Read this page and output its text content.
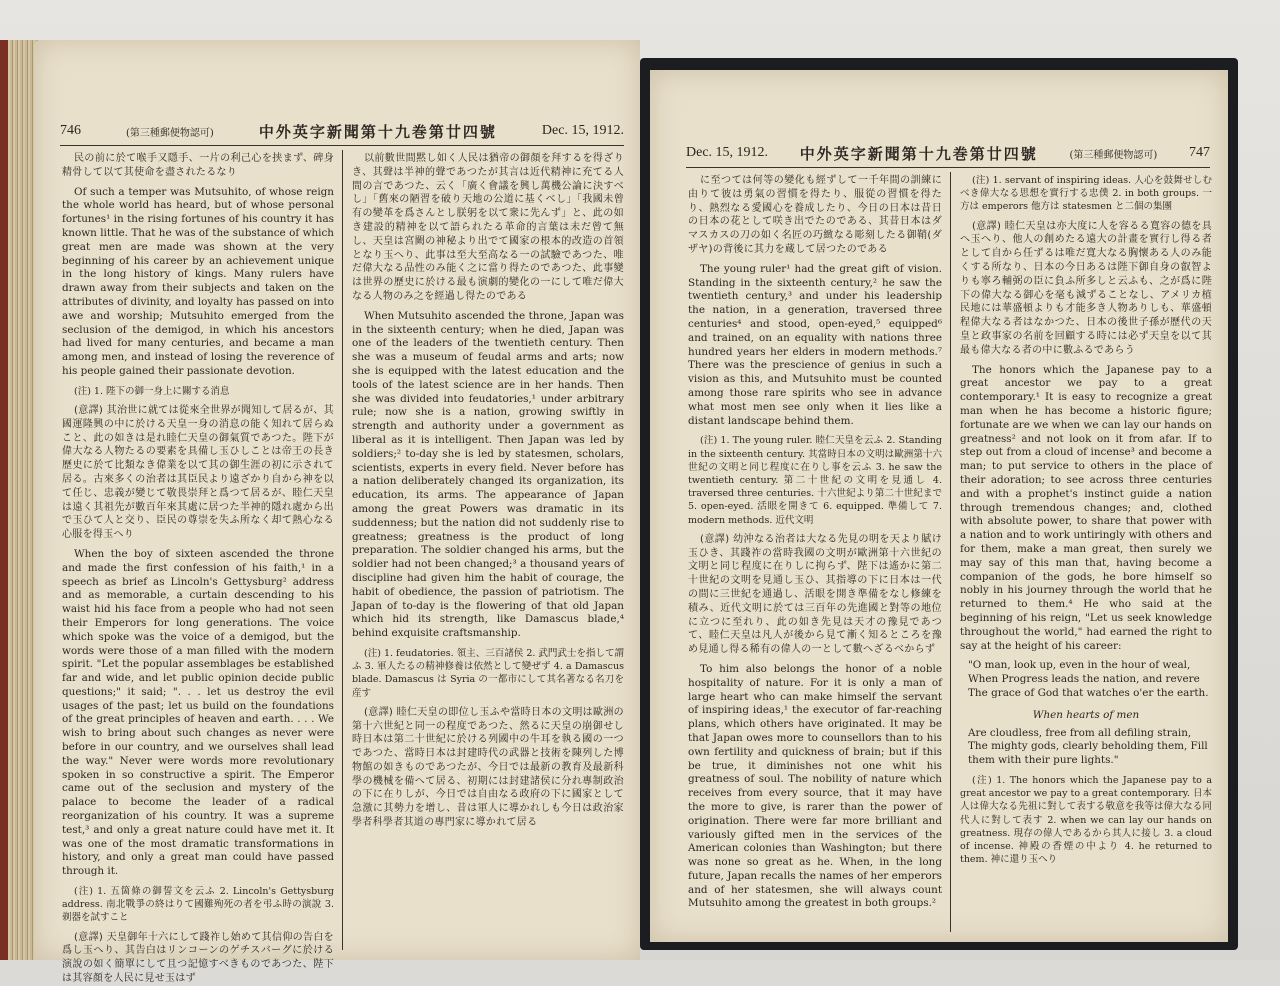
746	(第三種郵便物認可)	中外英字新聞第十九巻第廿四號	Dec. 15, 1912.

民の前に於て喉手又隱手、一片の利己心を挟まず、碑身精骨して以て其使命を盡されたるなり

Of such a temper was Mutsuhito, of whose reign the whole world has heard, but of whose personal fortunes¹ in the rising fortunes of his country it has known little. That he was of the substance of which great men are made was shown at the very beginning of his career by an achievement unique in the long history of kings. Many rulers have drawn away from their subjects and taken on the attributes of divinity, and loyalty has passed on into awe and worship; Mutsuhito emerged from the seclusion of the demigod, in which his ancestors had lived for many centuries, and became a man among men, and instead of losing the reverence of his people gained their passionate devotion.

(注) 1. 陛下の御一身上に關する消息

(意譯) 其治世に就ては從來全世界が聞知して居るが、其國運隆興の中に於ける天皇一身の消息の能く知れて居らぬこと、此の如きは是れ睦仁天皇の御氣質であつた。陛下が偉大なる人物たるの要素を具備し玉ひしことは帝王の長き歷史に於て比類なき偉業を以て其の御生涯の初に示されて居る。古來多くの治者は其臣民より遠ざかり自から神を以て任じ、忠義が變じて敬畏崇拜と爲つて居るが、睦仁天皇は遠く其祖先が數百年來其處に居つた半神的隱れ處から出で玉ひて人と交り、臣民の尊崇を失ふ所なく却て熱心なる心服を得玉へり

When the boy of sixteen ascended the throne and made the first confession of his faith,¹ in a speech as brief as Lincoln's Gettysburg² address and as memorable, a curtain descending to his waist hid his face from a people who had not seen their Emperors for long generations. The voice which spoke was the voice of a demigod, but the words were those of a man filled with the modern spirit. "Let the popular assemblages be established far and wide, and let public opinion decide public questions;" it said; ". . . let us destroy the evil usages of the past; let us build on the foundations of the great principles of heaven and earth. . . . We wish to bring about such changes as never were before in our country, and we ourselves shall lead the way." Never were words more revolutionary spoken in so constructive a spirit. The Emperor came out of the seclusion and mystery of the palace to become the leader of a radical reorganization of his country. It was a supreme test,³ and only a great nature could have met it. It was one of the most dramatic transformations in history, and only a great man could have passed through it.

(注) 1. 五箇條の御誓文を云ふ 2. Lincoln's Gettysburg address. 南北戰爭の終はりて國難殉死の者を弔ふ時の演說 3. 剃器を試すこと

(意譯) 天皇御年十六にして踐祚し始めて其信仰の告白を爲し玉へり、其告白はリンコーンのゲチスバーグに於ける演說の如く簡單にして且つ記憶すべきものであつた、陛下は其容顏を人民に見せ玉はず

以前數世間黙し如く人民は猶帝の御顏を拜するを得ざりき、其聲は半神的聲であつたが其言は近代精神に充てる人間の言であつた、云く「廣く會議を興し萬機公論に決すべし」「舊來の陋習を破り天地の公道に基くべし」「我國未曾有の變革を爲さんとし朕躬を以て衆に先んず」と、此の如き建設的精神を以て語られたる革命的言葉は未だ曾て無し、天皇は宮闕の神秘より出でて國家の根本的改造の首領となり玉へり、此事は至大至高なる一の試驗であつた、唯だ偉大なる品性のみ能く之に當り得たのであつた、此事變は世界の歷史に於ける最も演劇的變化の一にして唯だ偉大なる人物のみ之を經過し得たのである

When Mutsuhito ascended the throne, Japan was in the sixteenth century; when he died, Japan was one of the leaders of the twentieth century. Then she was a museum of feudal arms and arts; now she is equipped with the latest education and the tools of the latest science are in her hands. Then she was divided into feudatories,¹ under arbitrary rule; now she is a nation, growing swiftly in strength and authority under a government as liberal as it is intelligent. Then Japan was led by soldiers;² to-day she is led by statesmen, scholars, scientists, experts in every field. Never before has a nation deliberately changed its organization, its education, its arms. The appearance of Japan among the great Powers was dramatic in its suddenness; but the nation did not suddenly rise to greatness; greatness is the product of long preparation. The soldier changed his arms, but the soldier had not been changed;³ a thousand years of discipline had given him the habit of courage, the habit of obedience, the passion of patriotism. The Japan of to-day is the flowering of that old Japan which hid its strength, like Damascus blade,⁴ behind exquisite craftsmanship.

(注) 1. feudatories. 領主、三百諸侯 2. 武門武士を指して謂ふ 3. 軍人たるの精神修養は依然として變ぜず 4. a Damascus blade. Damascus は Syria の一都市にして其名著なる名刀を産す

(意譯) 睦仁天皇の即位し玉ふや當時日本の文明は歐洲の第十六世紀と同一の程度であつた、然るに天皇の崩御せし時日本は第二十世紀に於ける列國中の牛耳を執る國の一つであつた、當時日本は封建時代の武器と技術を陳列した博物館の如きものであつたが、今日では最新の教育及最新科學の機械を備へて居る、初期には封建諸侯に分れ專制政治の下に在りしが、今日では自由なる政府の下に國家として急激に其勢力を增し、昔は軍人に導かれしも今日は政治家學者科學者其道の專門家に導かれて居る

Dec. 15, 1912. 中外英字新聞第十九巻第廿四號	(第三種郵便物認可) 747

に至つては何等の變化も經ずして一千年間の訓練に由りて彼は勇氣の習慣を得たり、服從の習慣を得たり、熱烈なる愛國心を養成したり、今日の日本は昔日の日本の花として咲き出でたのである、其昔日本はダマスカスの刀の如く名匠の巧緻なる彫刻したる御鞘(ダザヤ)の背後に其力を蔵して居つたのである

The young ruler¹ had the great gift of vision. Standing in the sixteenth century,² he saw the twentieth century,³ and under his leadership the nation, in a generation, traversed three centuries⁴ and stood, open-eyed,⁵ equipped⁶ and trained, on an equality with nations three hundred years her elders in modern methods.⁷ There was the prescience of genius in such a vision as this, and Mutsuhito must be counted among those rare spirits who see in advance what most men see only when it lies like a distant landscape behind them.

(注) 1. The young ruler. 睦仁天皇を云ふ 2. Standing in the sixteenth century. 其當時日本の文明は歐洲第十六世紀の文明と同じ程度に在りし事を云ふ 3. he saw the twentieth century. 第二十世紀の文明を見通し 4. traversed three centuries. 十六世紀より第二十世紀まで 5. open-eyed. 活眼を開きて 6. equipped. 準備して 7. modern methods. 近代文明

(意譯) 幼沖なる治者は大なる先見の明を天より賦け玉ひき、其踐祚の當時我國の文明が歐洲第十六世紀の文明と同じ程度に在りしに拘らず、陛下は遙かに第二十世紀の文明を見通し玉ひ、其指導の下に日本は一代の間に三世紀を通過し、活眼を開き準備をなし修練を積み、近代文明に於ては三百年の先進國と對等の地位に立つに至れり、此の如き先見は天才の豫見であつて、睦仁天皇は凡人が後から見て漸く知るところを豫め見通し得る稀有の偉人の一として數へざるべからず

To him also belongs the honor of a noble hospitality of nature. For it is only a man of large heart who can make himself the servant of inspiring ideas,¹ the executor of far-reaching plans, which others have originated. It may be that Japan owes more to counsellors than to his own fertility and quickness of brain; but if this be true, it diminishes not one whit his greatness of soul. The nobility of nature which receives from every source, that it may have the more to give, is rarer than the power of origination. There were far more brilliant and variously gifted men in the services of the American colonies than Washington; but there was none so great as he. When, in the long future, Japan recalls the names of her emperors and of her statesmen, she will always count Mutsuhito among the greatest in both groups.²

(注) 1. servant of inspiring ideas. 人心を鼓舞せしむべき偉大なる思想を實行する忠僕 2. in both groups. 一方は emperors 他方は statesmen と二個の集團

(意譯) 睦仁天皇は亦大度に人を容るる寬容の德を具へ玉へり、他人の創めたる遠大の計畫を實行し得る者として自から任ずるは唯だ寬大なる胸懷ある人のみ能くする所なり、日本の今日あるは陛下御自身の叡智よりも寧ろ輔弼の臣に負ふ所多しと云ふも、之が爲に陛下の偉大なる御心を毫も減ずることなし、アメリカ植民地には華盛頓よりも才能多き人物ありしも、華盛頓程偉大なる者はなかつた、日本の後世子孫が歷代の天皇と政事家の名前を回顧する時には必ず天皇を以て其最も偉大なる者の中に數ふるであらう

The honors which the Japanese pay to a great ancestor we pay to a great contemporary.¹ It is easy to recognize a great man when he has become a historic figure; fortunate are we when we can lay our hands on greatness² and not look on it from afar. If to step out from a cloud of incense³ and become a man; to put service to others in the place of their adoration; to see across three centuries and with a prophet's instinct guide a nation through tremendous changes; and, clothed with absolute power, to share that power with a nation and to work untiringly with others and for them, make a man great, then surely we may say of this man that, having become a companion of the gods, he bore himself so nobly in his journey through the world that he returned to them.⁴ He who said at the beginning of his reign, "Let us seek knowledge throughout the world," had earned the right to say at the height of his career:

"O man, look up, even in the hour of weal, When Progress leads the nation, and revere The grace of God that watches o'er the earth.

When hearts of men

Are cloudless, free from all defiling strain, The mighty gods, clearly beholding them, Fill them with their pure lights."

(注) 1. The honors which the Japanese pay to a great ancestor we pay to a great contemporary. 日本人は偉大なる先祖に對して表する敬意を我等は偉大なる同代人に對して表す 2. when we can lay our hands on greatness. 現存の偉人であるから其人に接し 3. a cloud of incense. 神殿の香煙の中より 4. he returned to them. 神に還り玉へり
